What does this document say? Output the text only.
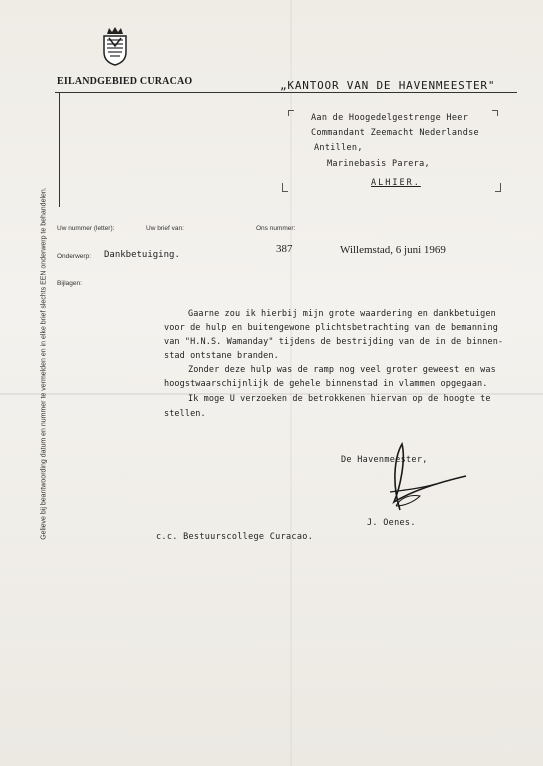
EILANDGEBIED CURACAO	„KANTOOR VAN DE HAVENMEESTER"
Aan de Hoogedelgestrenge Heer
Commandant Zeemacht Nederlandse
Antillen,
Marinebasis Parera,
ALHIER.
Uw nummer (letter):	Uw brief van:	Ons nummer:
Onderwerp: Dankbetuiging.	387	Willemstad, 6 juni 1969
Bijlagen:
Gaarne zou ik hierbij mijn grote waardering en dankbetuigen
voor de hulp en buitengewone plichtsbetrachting van de bemanning
van "H.N.S. Wamanday" tijdens de bestrijding van de in de binnen-
stad ontstane branden.
Zonder deze hulp was de ramp nog veel groter geweest en was
hoogstwaarschijnlijk de gehele binnenstad in vlammen opgegaan.
Ik moge U verzoeken de betrokkenen hiervan op de hoogte te
stellen.
De Havenmeester,
J. Oenes.
c.c. Bestuurscollege Curacao.
Gelieve bij beantwoording datum en nummer te vermelden en in elke brief slechts EEN onderwerp te behandelen.
